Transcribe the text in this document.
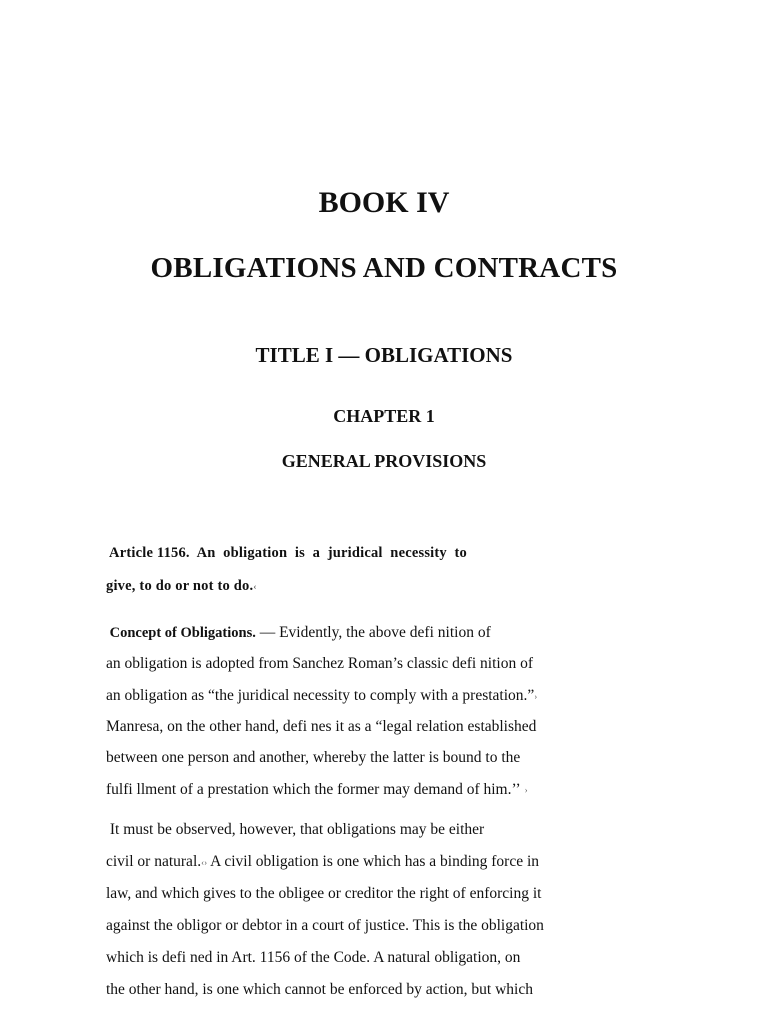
BOOK IV
OBLIGATIONS AND CONTRACTS
TITLE I — OBLIGATIONS
CHAPTER 1
GENERAL PROVISIONS
Article 1156.  An  obligation  is  a  juridical  necessity  to
give, to do or not to do.‹
Concept of Obligations. — Evidently, the above defi nition of
an obligation is adopted from Sanchez Roman’s classic defi nition of
an obligation as “the juridical necessity to comply with a prestation.”›
Manresa, on the other hand, defi nes it as a “legal relation established
between one person and another, whereby the latter is bound to the
fulfi llment of a prestation which the former may demand of him.’’ ›
It must be observed, however, that obligations may be either
civil or natural.‹› A civil obligation is one which has a binding force in
law, and which gives to the obligee or creditor the right of enforcing it
against the obligor or debtor in a court of justice. This is the obligation
which is defi ned in Art. 1156 of the Code. A natural obligation, on
the other hand, is one which cannot be enforced by action, but which
